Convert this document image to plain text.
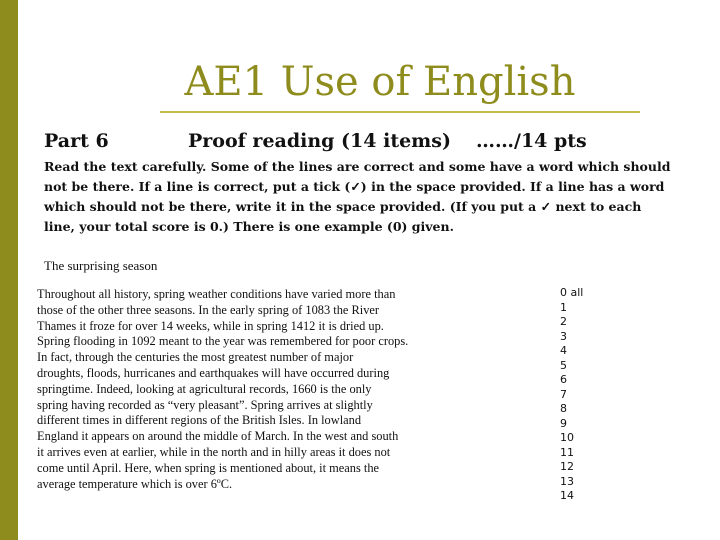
AE1 Use of English
Part 6	Proof reading (14 items) ……/14 pts
Read the text carefully. Some of the lines are correct and some have a word which should not be there. If a line is correct, put a tick (✓) in the space provided. If a line has a word which should not be there, write it in the space provided. (If you put a ✓ next to each line, your total score is 0.) There is one example (0) given.
The surprising season
Throughout all history, spring weather conditions have varied more than
those of the other three seasons. In the early spring of 1083 the River
Thames it froze for over 14 weeks, while in spring 1412 it is dried up.
Spring flooding in 1092 meant to the year was remembered for poor crops.
In fact, through the centuries the most greatest number of major
droughts, floods, hurricanes and earthquakes will have occurred during
springtime. Indeed, looking at agricultural records, 1660 is the only
spring having recorded as “very pleasant”. Spring arrives at slightly
different times in different regions of the British Isles. In lowland
England it appears on around the middle of March. In the west and south
it arrives even at earlier, while in the north and in hilly areas it does not
come until April. Here, when spring is mentioned about, it means the
average temperature which is over 6ºC.
0 all
1
2
3
4
5
6
7
8
9
10
11
12
13
14
